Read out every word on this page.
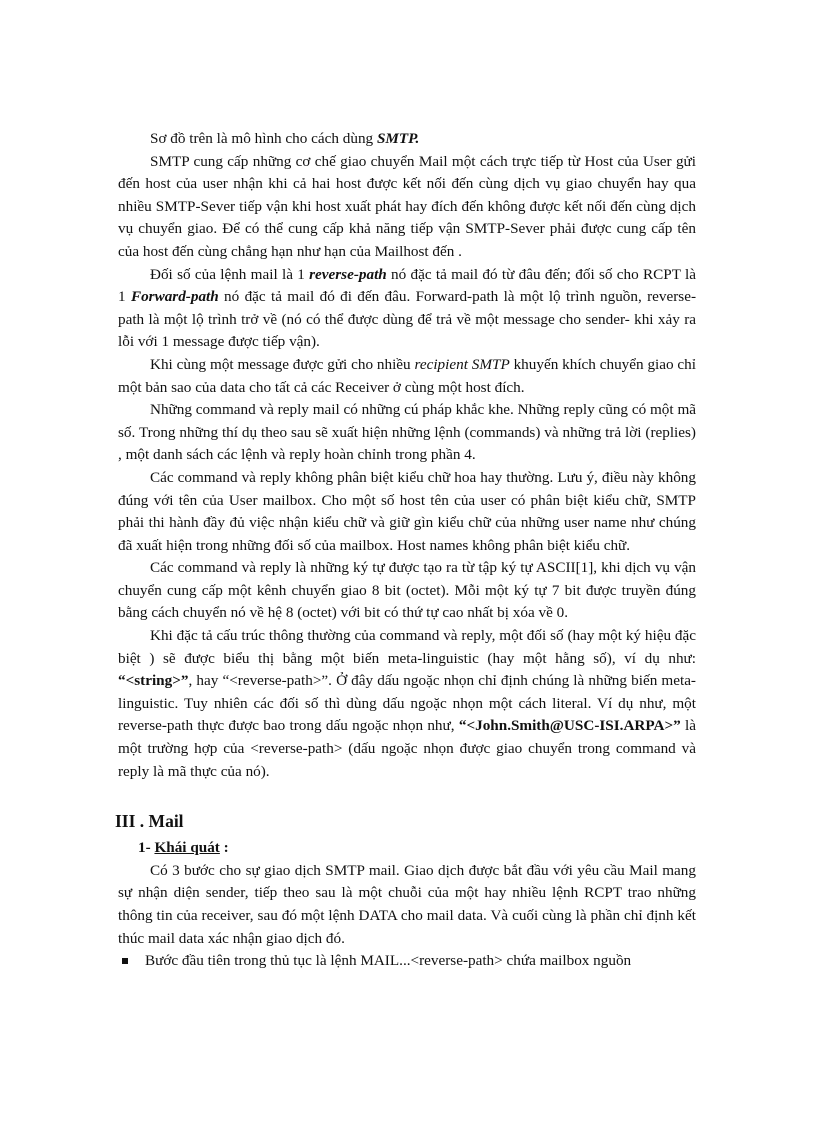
Sơ đồ trên là mô hình cho cách dùng SMTP.

SMTP cung cấp những cơ chế giao chuyển Mail một cách trực tiếp từ Host của User gửi đến host của user nhận khi cả hai host được kết nối đến cùng dịch vụ giao chuyển hay qua nhiều SMTP-Sever tiếp vận khi host xuất phát hay đích đến không được kết nối đến cùng dịch vụ chuyển giao. Để có thể cung cấp khả năng tiếp vận SMTP-Sever phải được cung cấp tên của host đến cùng chẳng hạn như hạn của Mailhost đến .

Đối số của lệnh mail là 1 reverse-path nó đặc tả mail đó từ đâu đến; đối số cho RCPT là 1 Forward-path nó đặc tả mail đó đi đến đâu. Forward-path là một lộ trình nguồn, reverse-path là một lộ trình trở về (nó có thể được dùng để trả về một message cho sender- khi xảy ra lỗi với 1 message được tiếp vận).

Khi cùng một message được gửi cho nhiều recipient SMTP khuyến khích chuyển giao chỉ một bản sao của data cho tất cả các Receiver ở cùng một host đích.

Những command và reply mail có những cú pháp khắc khe. Những reply cũng có một mã số. Trong những thí dụ theo sau sẽ xuất hiện những lệnh (commands) và những trả lời (replies) , một danh sách các lệnh và reply hoàn chỉnh trong phần 4.

Các command và reply không phân biệt kiểu chữ hoa hay thường. Lưu ý, điều này không đúng với tên của User mailbox. Cho một số host tên của user có phân biệt kiểu chữ, SMTP phải thi hành đầy đủ việc nhận kiểu chữ và giữ gìn kiểu chữ của những user name như chúng đã xuất hiện trong những đối số của mailbox. Host names không phân biệt kiểu chữ.

Các command và reply là những ký tự được tạo ra từ tập ký tự ASCII[1], khi dịch vụ vận chuyển cung cấp một kênh chuyển giao 8 bit (octet). Mỗi một ký tự 7 bit được truyền đúng bằng cách chuyển nó về hệ 8 (octet) với bit có thứ tự cao nhất bị xóa về 0.

Khi đặc tả cấu trúc thông thường của command và reply, một đối số (hay một ký hiệu đặc biệt ) sẽ được biểu thị bằng một biến meta-linguistic (hay một hằng số), ví dụ như: “<string>”, hay “<reverse-path>”. Ở đây dấu ngoặc nhọn chỉ định chúng là những biến meta-linguistic. Tuy nhiên các đối số thì dùng dấu ngoặc nhọn một cách literal. Ví dụ như, một reverse-path thực được bao trong dấu ngoặc nhọn như, “<John.Smith@USC-ISI.ARPA>” là một trường hợp của <reverse-path> (dấu ngoặc nhọn được giao chuyển trong command và reply là mã thực của nó).

III . Mail

1- Khái quát :

Có 3 bước cho sự giao dịch SMTP mail. Giao dịch được bắt đầu với yêu cầu Mail mang sự nhận diện sender, tiếp theo sau là một chuỗi của một hay nhiều lệnh RCPT trao những thông tin của receiver, sau đó một lệnh DATA cho mail data. Và cuối cùng là phần chỉ định kết thúc mail data xác nhận giao dịch đó.

Bước đầu tiên trong thủ tục là lệnh MAIL...<reverse-path> chứa mailbox nguồn
